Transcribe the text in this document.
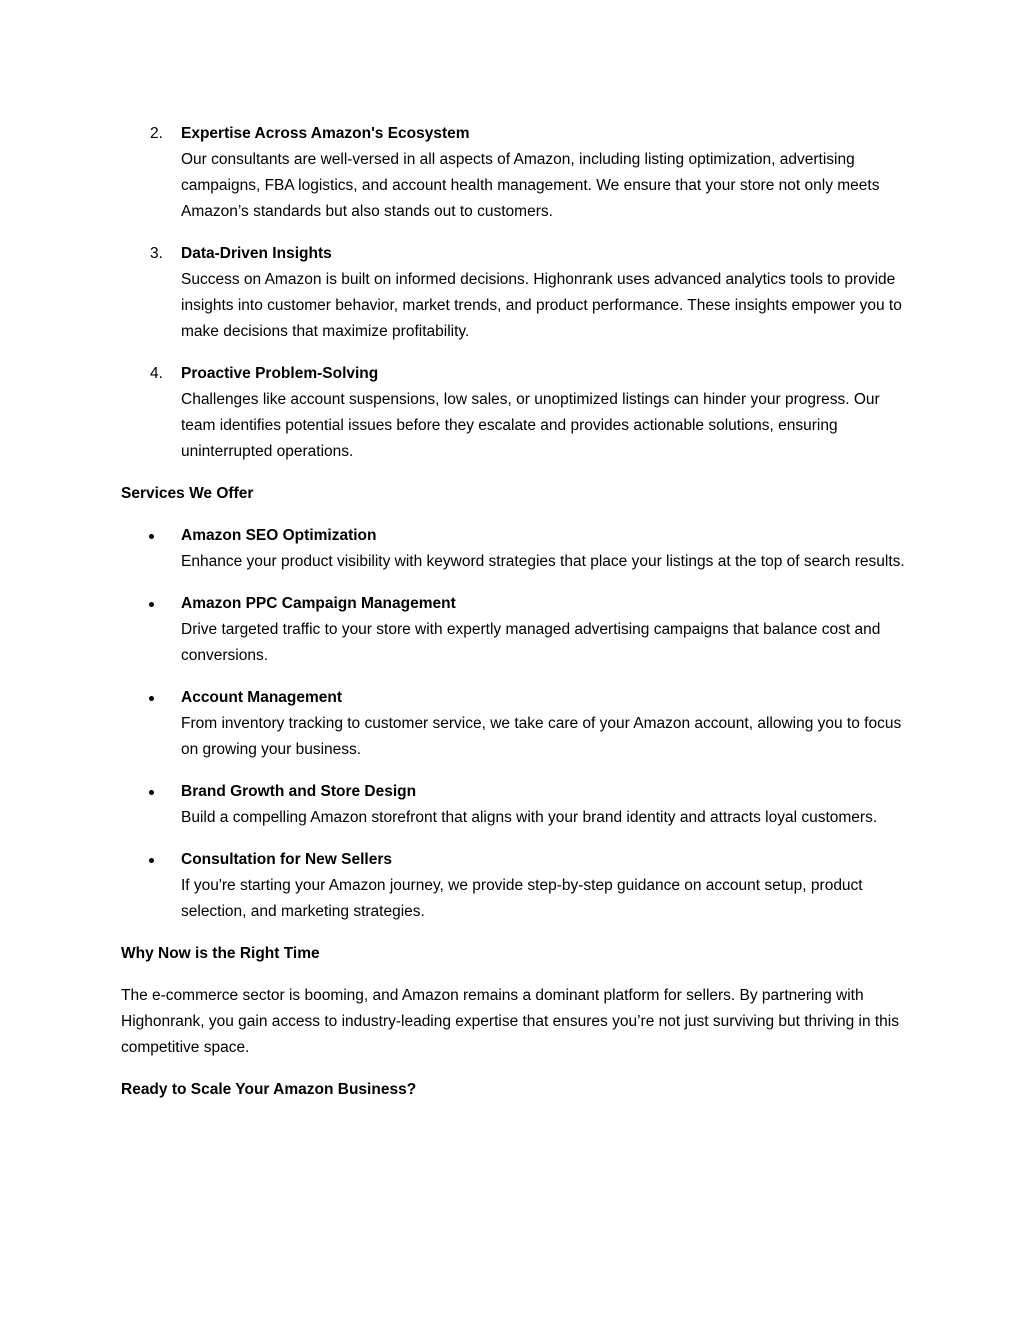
2. Expertise Across Amazon's Ecosystem
Our consultants are well-versed in all aspects of Amazon, including listing optimization, advertising campaigns, FBA logistics, and account health management. We ensure that your store not only meets Amazon’s standards but also stands out to customers.
3. Data-Driven Insights
Success on Amazon is built on informed decisions. Highonrank uses advanced analytics tools to provide insights into customer behavior, market trends, and product performance. These insights empower you to make decisions that maximize profitability.
4. Proactive Problem-Solving
Challenges like account suspensions, low sales, or unoptimized listings can hinder your progress. Our team identifies potential issues before they escalate and provides actionable solutions, ensuring uninterrupted operations.
Services We Offer
Amazon SEO Optimization
Enhance your product visibility with keyword strategies that place your listings at the top of search results.
Amazon PPC Campaign Management
Drive targeted traffic to your store with expertly managed advertising campaigns that balance cost and conversions.
Account Management
From inventory tracking to customer service, we take care of your Amazon account, allowing you to focus on growing your business.
Brand Growth and Store Design
Build a compelling Amazon storefront that aligns with your brand identity and attracts loyal customers.
Consultation for New Sellers
If you're starting your Amazon journey, we provide step-by-step guidance on account setup, product selection, and marketing strategies.
Why Now is the Right Time

The e-commerce sector is booming, and Amazon remains a dominant platform for sellers. By partnering with Highonrank, you gain access to industry-leading expertise that ensures you’re not just surviving but thriving in this competitive space.

Ready to Scale Your Amazon Business?
